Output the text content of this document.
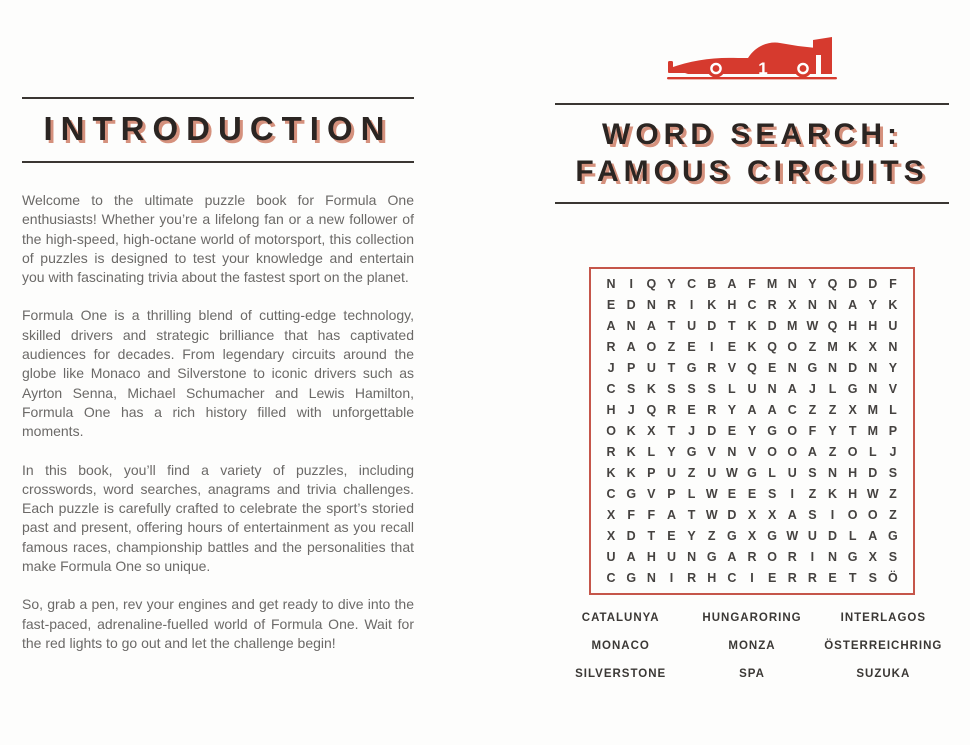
INTRODUCTION

Welcome to the ultimate puzzle book for Formula One enthusiasts! Whether you’re a lifelong fan or a new follower of the high-speed, high-octane world of motorsport, this collection of puzzles is designed to test your knowledge and entertain you with fascinating trivia about the fastest sport on the planet.

Formula One is a thrilling blend of cutting-edge technology, skilled drivers and strategic brilliance that has captivated audiences for decades. From legendary circuits around the globe like Monaco and Silverstone to iconic drivers such as Ayrton Senna, Michael Schumacher and Lewis Hamilton, Formula One has a rich history filled with unforgettable moments.

In this book, you’ll find a variety of puzzles, including crosswords, word searches, anagrams and trivia challenges. Each puzzle is carefully crafted to celebrate the sport’s storied past and present, offering hours of entertainment as you recall famous races, championship battles and the personalities that make Formula One so unique.

So, grab a pen, rev your engines and get ready to dive into the fast-paced, adrenaline-fuelled world of Formula One. Wait for the red lights to go out and let the challenge begin!

1
WORD SEARCH:
FAMOUS CIRCUITS
N	I	Q Y C B A F M N Y Q D D F
E D N R	I	K H C R X N N A Y K
A N A T U D T K D M W Q H H U
R A O Z E	I	E K Q O Z M K X N
J P U T G R V Q E N G N D N Y
C S K S S S L U N A J	L G N V
H J Q R E R Y A A C Z	Z X M L
O K X T	J D E Y G O F Y T M P
R K L Y G V N V O O A Z O L	J
K K P U Z U W G L U S N H D S
C G V P L W E E S	I	Z K H W Z
X F F A T W D X X A S	I	O O Z
X D T E Y Z G X G W U D L A G
U A H U N G A R O R	I	N G X S
C G N	I	R H C	I	E R R E T S Ö
CATALUNYA	HUNGARORING	INTERLAGOS
MONACO	MONZA	ÖSTERREICHRING
SILVERSTONE	SPA	SUZUKA
